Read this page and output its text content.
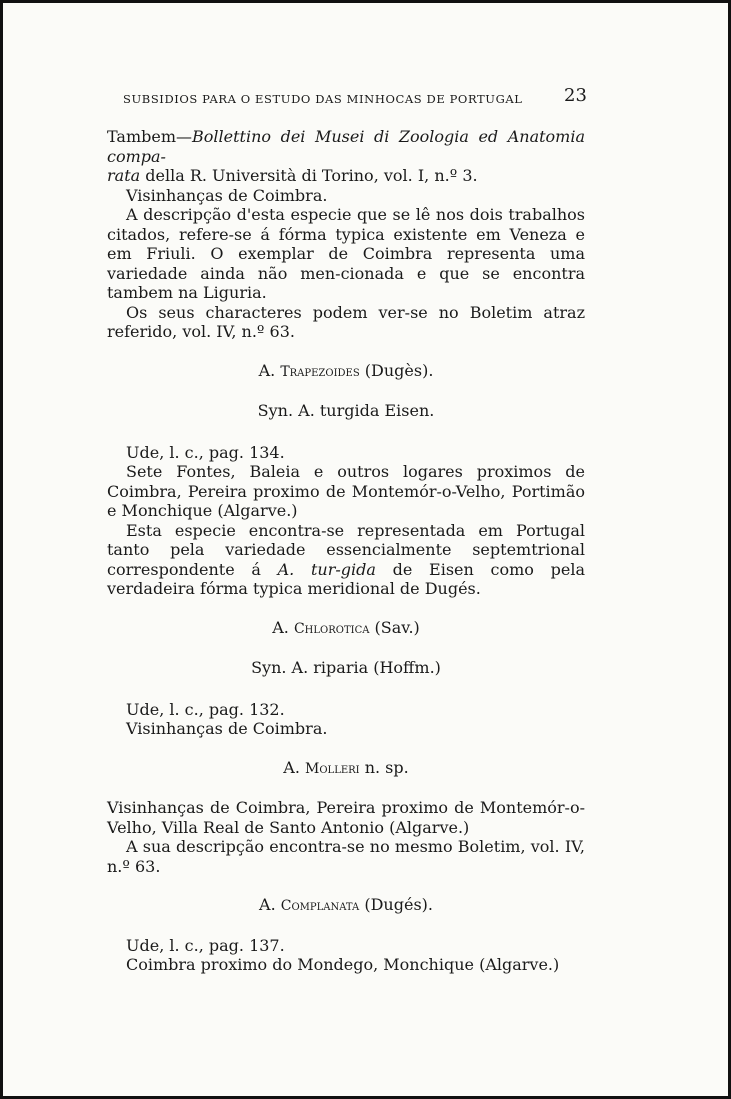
SUBSIDIOS PARA O ESTUDO DAS MINHOCAS DE PORTUGAL 23

Tambem—Bollettino dei Musei di Zoologia ed Anatomia compa-
rata della R. Università di Torino, vol. I, n.º 3.

Visinhanças de Coimbra.

A descripção d'esta especie que se lê nos dois trabalhos citados, refere-se á fórma typica existente em Veneza e em Friuli. O exemplar de Coimbra representa uma variedade ainda não men-cionada e que se encontra tambem na Liguria.

Os seus characteres podem ver-se no Boletim atraz referido, vol. IV, n.º 63.

A. Trapezoides (Dugès).

Syn. A. turgida Eisen.

Ude, l. c., pag. 134.

Sete Fontes, Baleia e outros logares proximos de Coimbra, Pereira proximo de Montemór-o-Velho, Portimão e Monchique (Algarve.)

Esta especie encontra-se representada em Portugal tanto pela variedade essencialmente septemtrional correspondente á A. tur-gida de Eisen como pela verdadeira fórma typica meridional de Dugés.

A. Chlorotica (Sav.)

Syn. A. riparia (Hoffm.)

Ude, l. c., pag. 132.

Visinhanças de Coimbra.

A. Molleri n. sp.

Visinhanças de Coimbra, Pereira proximo de Montemór-o-Velho, Villa Real de Santo Antonio (Algarve.)

A sua descripção encontra-se no mesmo Boletim, vol. IV, n.º 63.

A. Complanata (Dugés).

Ude, l. c., pag. 137.

Coimbra proximo do Mondego, Monchique (Algarve.)
